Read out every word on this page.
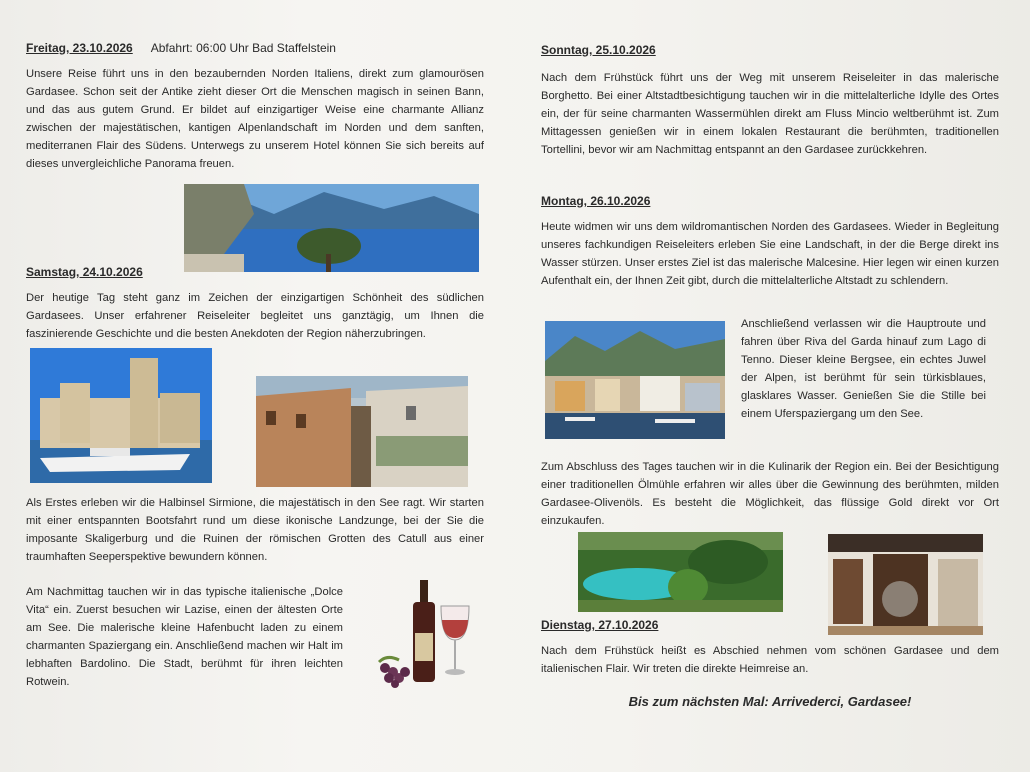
Freitag, 23.10.2026 Abfahrt: 06:00 Uhr Bad Staffelstein

Unsere Reise führt uns in den bezaubernden Norden Italiens, direkt zum glamourösen Gardasee. Schon seit der Antike zieht dieser Ort die Menschen magisch in seinen Bann, und das aus gutem Grund. Er bildet auf einzigartiger Weise eine charmante Allianz zwischen der majestätischen, kantigen Alpenlandschaft im Norden und dem sanften, mediterranen Flair des Südens. Unterwegs zu unserem Hotel können Sie sich bereits auf dieses unvergleichliche Panorama freuen.

Samstag, 24.10.2026

Der heutige Tag steht ganz im Zeichen der einzigartigen Schönheit des südlichen Gardasees. Unser erfahrener Reiseleiter begleitet uns ganztägig, um Ihnen die faszinierende Geschichte und die besten Anekdoten der Region näherzubringen.

Als Erstes erleben wir die Halbinsel Sirmione, die majestätisch in den See ragt. Wir starten mit einer entspannten Bootsfahrt rund um diese ikonische Landzunge, bei der Sie die imposante Skaligerburg und die Ruinen der römischen Grotten des Catull aus einer traumhaften Seeperspektive bewundern können.

Am Nachmittag tauchen wir in das typische italienische „Dolce Vita“ ein. Zuerst besuchen wir Lazise, einen der ältesten Orte am See. Die malerische kleine Hafenbucht laden zu einem charmanten Spaziergang ein. Anschließend machen wir Halt im lebhaften Bardolino. Die Stadt, berühmt für ihren leichten Rotwein.

Sonntag, 25.10.2026

Nach dem Frühstück führt uns der Weg mit unserem Reiseleiter in das malerische Borghetto. Bei einer Altstadtbesichtigung tauchen wir in die mittelalterliche Idylle des Ortes ein, der für seine charmanten Wassermühlen direkt am Fluss Mincio weltberühmt ist. Zum Mittagessen genießen wir in einem lokalen Restaurant die berühmten, traditionellen Tortellini, bevor wir am Nachmittag entspannt an den Gardasee zurückkehren.

Montag, 26.10.2026

Heute widmen wir uns dem wildromantischen Norden des Gardasees. Wieder in Begleitung unseres fachkundigen Reiseleiters erleben Sie eine Landschaft, in der die Berge direkt ins Wasser stürzen. Unser erstes Ziel ist das malerische Malcesine. Hier legen wir einen kurzen Aufenthalt ein, der Ihnen Zeit gibt, durch die mittelalterliche Altstadt zu schlendern.

Anschließend verlassen wir die Hauptroute und fahren über Riva del Garda hinauf zum Lago di Tenno. Dieser kleine Bergsee, ein echtes Juwel der Alpen, ist berühmt für sein türkisblaues, glasklares Wasser. Genießen Sie die Stille bei einem Uferspaziergang um den See.

Zum Abschluss des Tages tauchen wir in die Kulinarik der Region ein. Bei der Besichtigung einer traditionellen Ölmühle erfahren wir alles über die Gewinnung des berühmten, milden Gardasee-Olivenöls. Es besteht die Möglichkeit, das flüssige Gold direkt vor Ort einzukaufen.

Dienstag, 27.10.2026

Nach dem Frühstück heißt es Abschied nehmen vom schönen Gardasee und dem italienischen Flair. Wir treten die direkte Heimreise an.

Bis zum nächsten Mal: Arrivederci, Gardasee!
